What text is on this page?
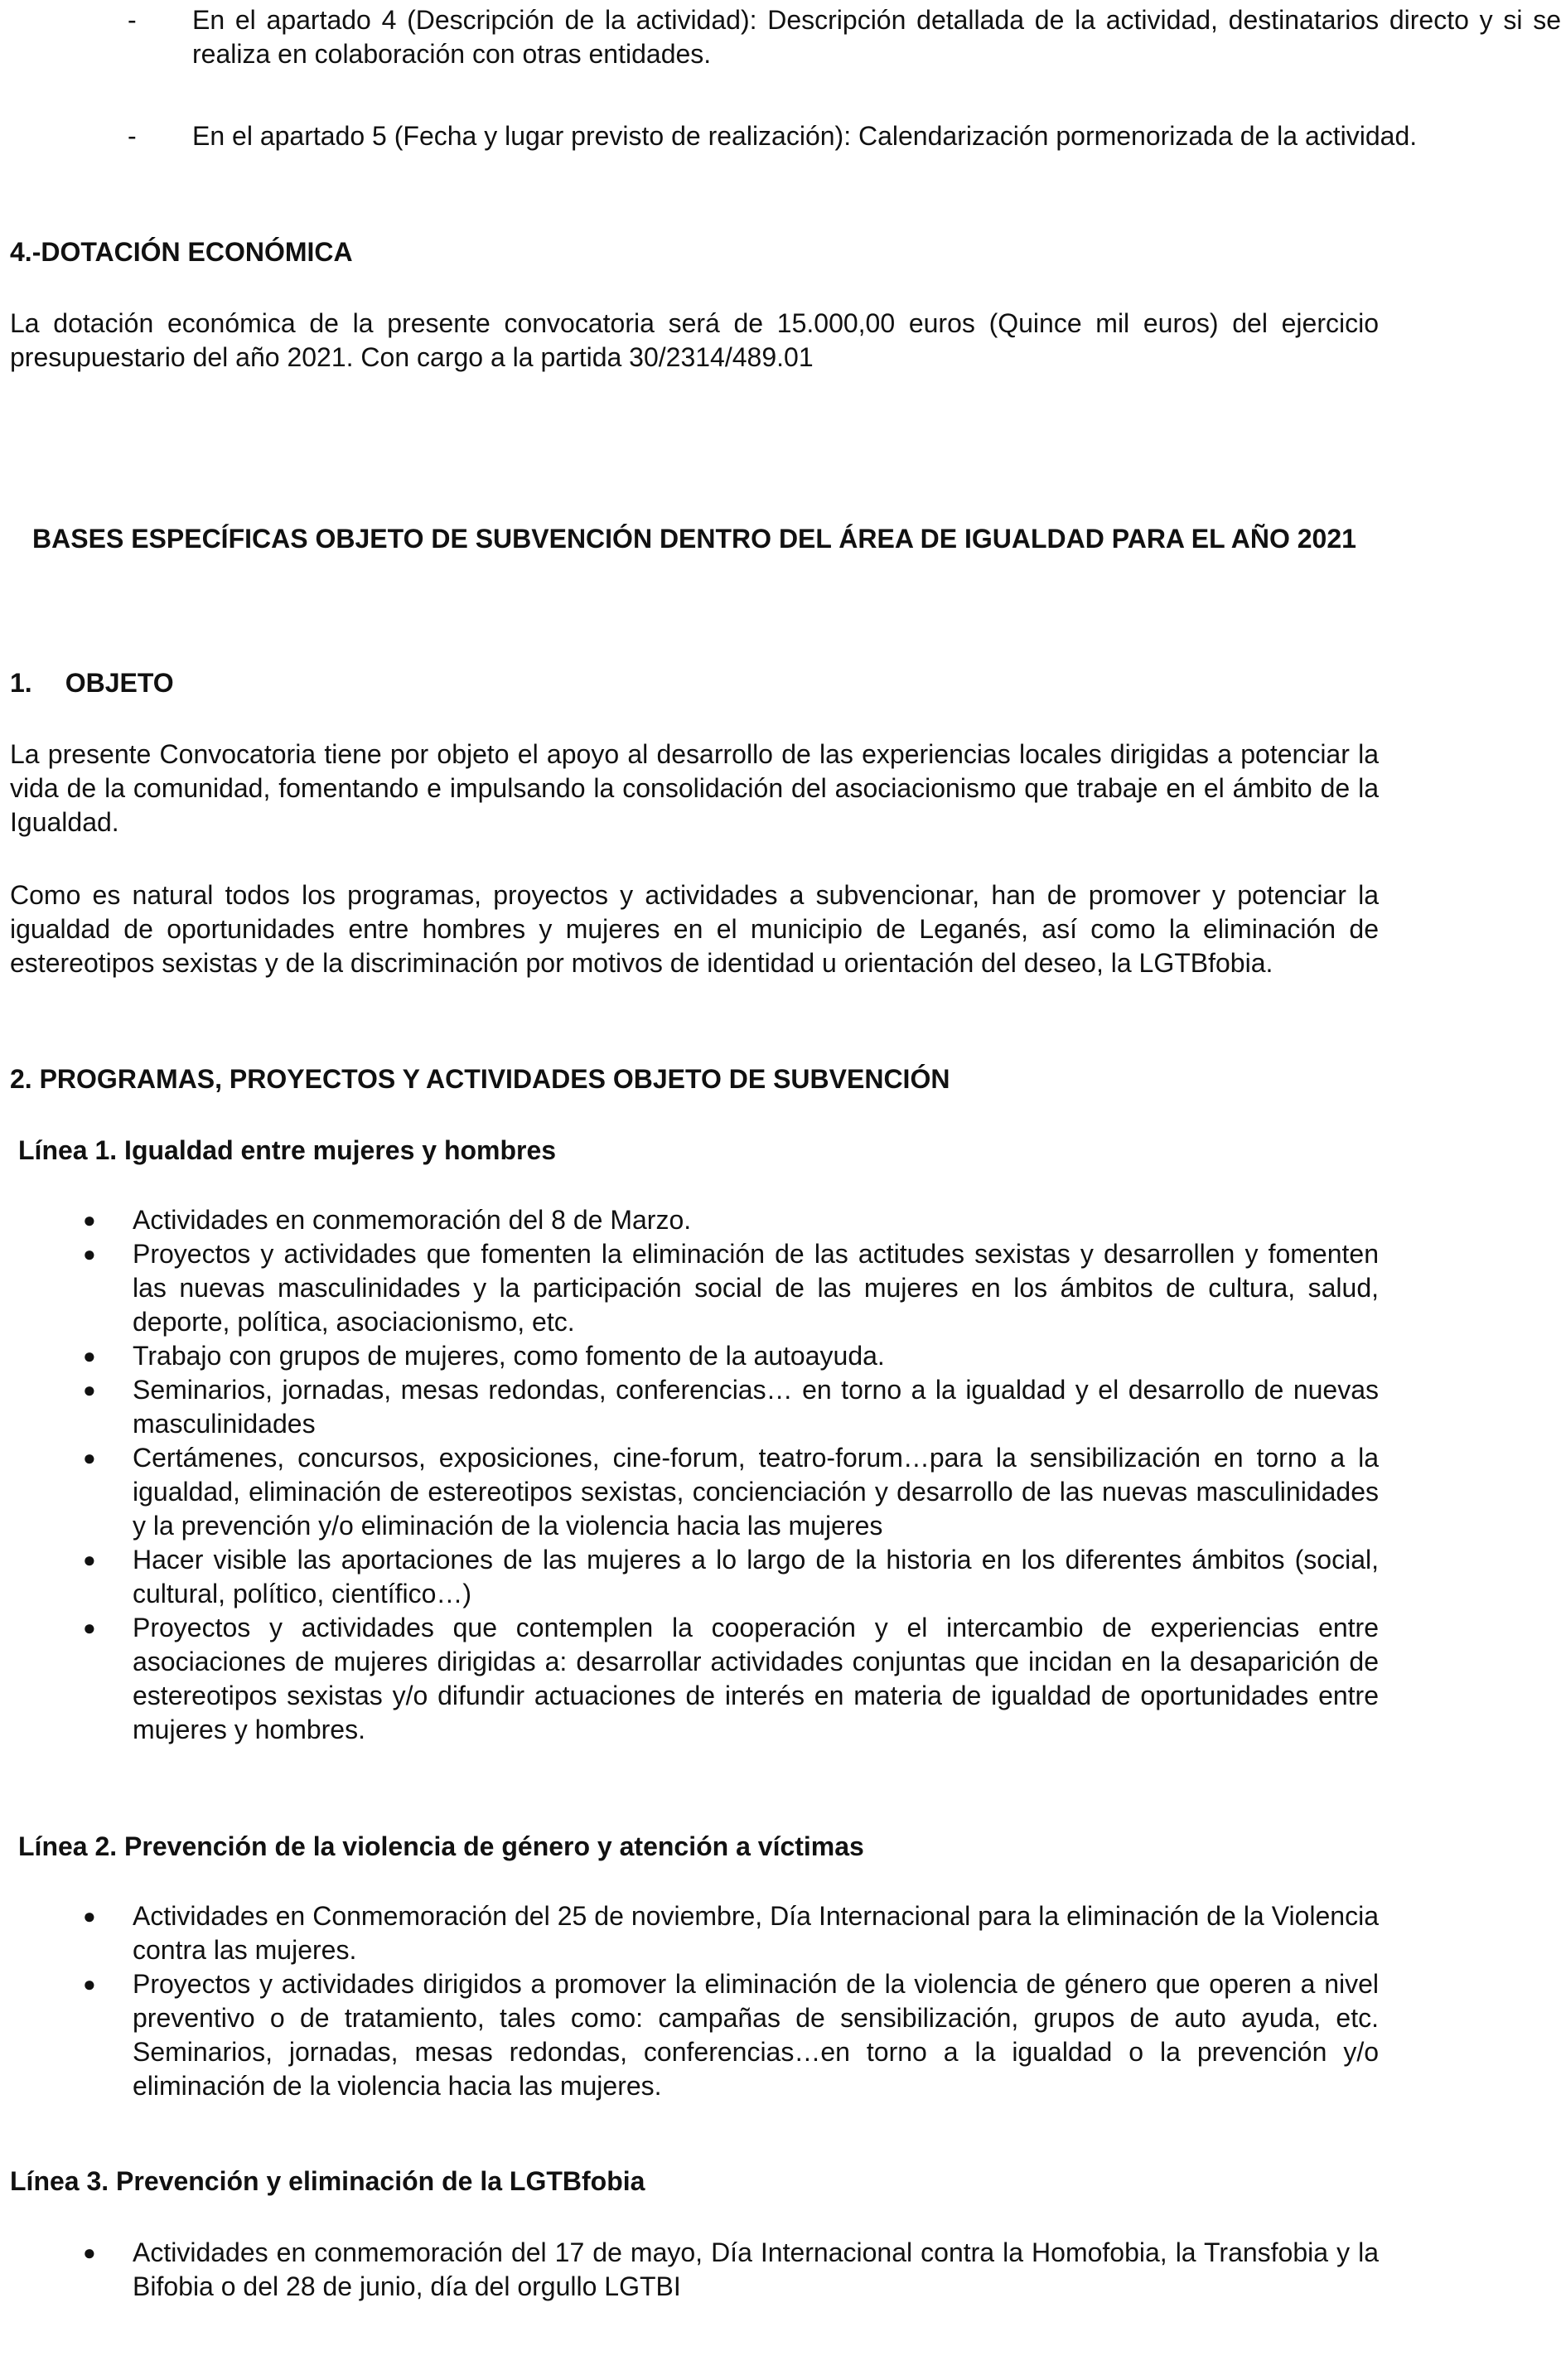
- En el apartado 4 (Descripción de la actividad): Descripción detallada de la actividad, destinatarios directo y si se realiza en colaboración con otras entidades.
- En el apartado 5 (Fecha y lugar previsto de realización): Calendarización pormenorizada de la actividad.
4.-DOTACIÓN ECONÓMICA
La dotación económica de la presente convocatoria será de 15.000,00 euros (Quince mil euros) del ejercicio presupuestario del año 2021. Con cargo a la partida 30/2314/489.01
BASES ESPECÍFICAS OBJETO DE SUBVENCIÓN DENTRO DEL ÁREA DE IGUALDAD PARA EL AÑO 2021
1. OBJETO
La presente Convocatoria tiene por objeto el apoyo al desarrollo de las experiencias locales dirigidas a potenciar la vida de la comunidad, fomentando e impulsando la consolidación del asociacionismo que trabaje en el ámbito de la Igualdad.
Como es natural todos los programas, proyectos y actividades a subvencionar, han de promover y potenciar la igualdad de oportunidades entre hombres y mujeres en el municipio de Leganés, así como la eliminación de estereotipos sexistas y de la discriminación por motivos de identidad u orientación del deseo, la LGTBfobia.
2. PROGRAMAS, PROYECTOS Y ACTIVIDADES OBJETO DE SUBVENCIÓN
Línea 1. Igualdad entre mujeres y hombres
● Actividades en conmemoración del 8 de Marzo.
● Proyectos y actividades que fomenten la eliminación de las actitudes sexistas y desarrollen y fomenten las nuevas masculinidades y la participación social de las mujeres en los ámbitos de cultura, salud, deporte, política, asociacionismo, etc.
● Trabajo con grupos de mujeres, como fomento de la autoayuda.
● Seminarios, jornadas, mesas redondas, conferencias… en torno a la igualdad y el desarrollo de nuevas masculinidades
● Certámenes, concursos, exposiciones, cine-forum, teatro-forum…para la sensibilización en torno a la igualdad, eliminación de estereotipos sexistas, concienciación y desarrollo de las nuevas masculinidades y la prevención y/o eliminación de la violencia hacia las mujeres
● Hacer visible las aportaciones de las mujeres a lo largo de la historia en los diferentes ámbitos (social, cultural, político, científico…)
● Proyectos y actividades que contemplen la cooperación y el intercambio de experiencias entre asociaciones de mujeres dirigidas a: desarrollar actividades conjuntas que incidan en la desaparición de estereotipos sexistas y/o difundir actuaciones de interés en materia de igualdad de oportunidades entre mujeres y hombres.
Línea 2. Prevención de la violencia de género y atención a víctimas
● Actividades en Conmemoración del 25 de noviembre, Día Internacional para la eliminación de la Violencia contra las mujeres.
● Proyectos y actividades dirigidos a promover la eliminación de la violencia de género que operen a nivel preventivo o de tratamiento, tales como: campañas de sensibilización, grupos de auto ayuda, etc. Seminarios, jornadas, mesas redondas, conferencias…en torno a la igualdad o la prevención y/o eliminación de la violencia hacia las mujeres.
Línea 3. Prevención y eliminación de la LGTBfobia
● Actividades en conmemoración del 17 de mayo, Día Internacional contra la Homofobia, la Transfobia y la Bifobia o del 28 de junio, día del orgullo LGTBI
